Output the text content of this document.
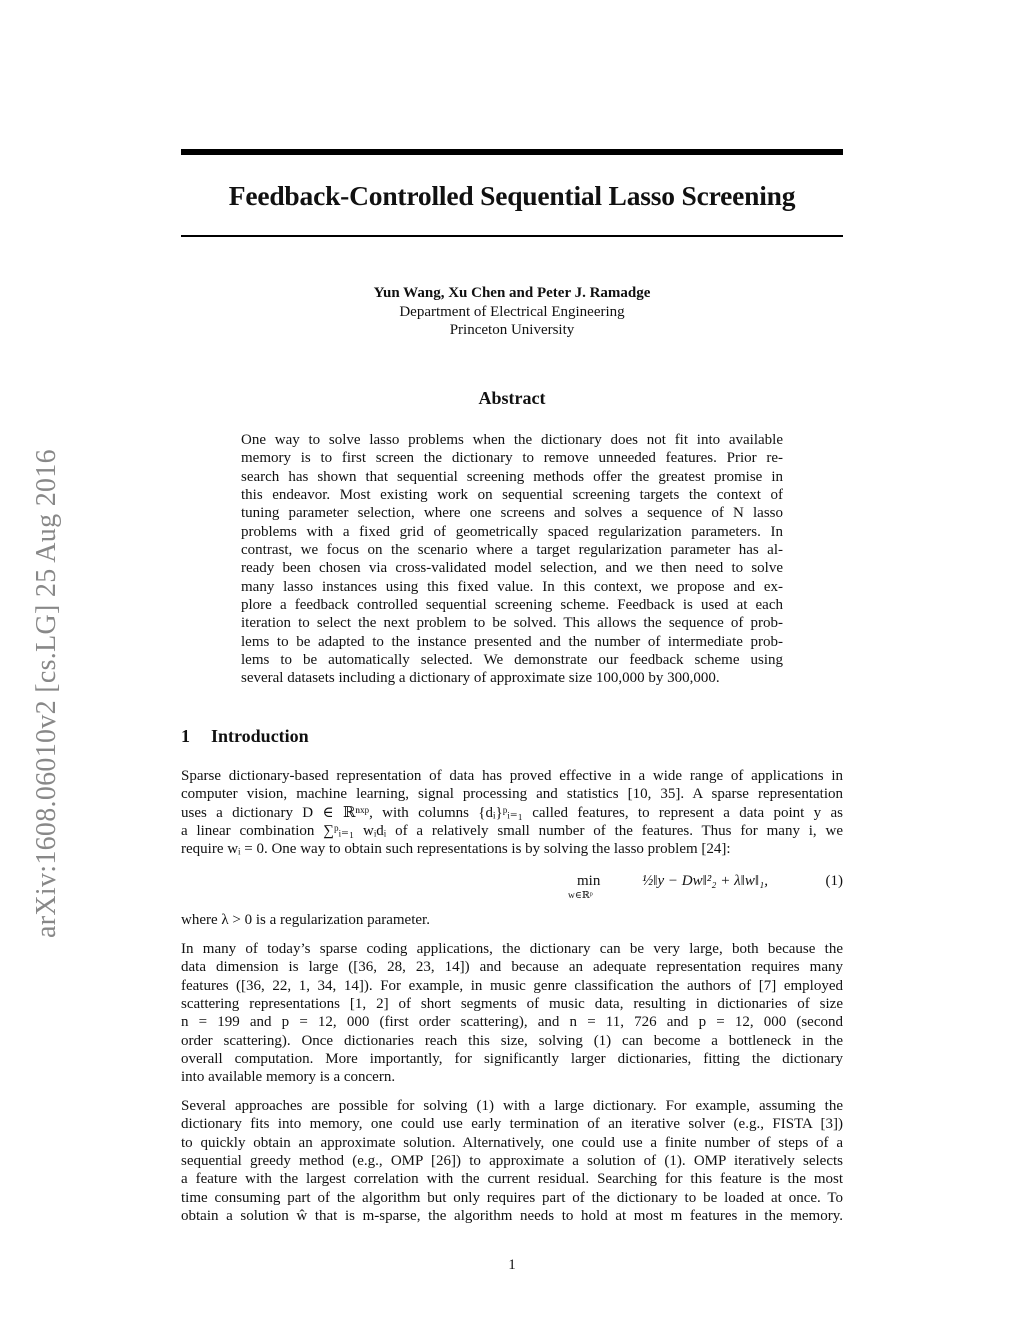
arXiv:1608.06010v2 [cs.LG] 25 Aug 2016
Feedback-Controlled Sequential Lasso Screening
Yun Wang, Xu Chen and Peter J. Ramadge
Department of Electrical Engineering
Princeton University
Abstract
One way to solve lasso problems when the dictionary does not fit into available
memory is to first screen the dictionary to remove unneeded features. Prior re-
search has shown that sequential screening methods offer the greatest promise in
this endeavor. Most existing work on sequential screening targets the context of
tuning parameter selection, where one screens and solves a sequence of N lasso
problems with a fixed grid of geometrically spaced regularization parameters. In
contrast, we focus on the scenario where a target regularization parameter has al-
ready been chosen via cross-validated model selection, and we then need to solve
many lasso instances using this fixed value. In this context, we propose and ex-
plore a feedback controlled sequential screening scheme. Feedback is used at each
iteration to select the next problem to be solved. This allows the sequence of prob-
lems to be adapted to the instance presented and the number of intermediate prob-
lems to be automatically selected. We demonstrate our feedback scheme using
several datasets including a dictionary of approximate size 100,000 by 300,000.
1 Introduction
Sparse dictionary-based representation of data has proved effective in a wide range of applications in
computer vision, machine learning, signal processing and statistics [10, 35]. A sparse representation
uses a dictionary D ∈ ℝⁿˣᵖ, with columns {dᵢ}ᵖᵢ₌₁ called features, to represent a data point y as
a linear combination ∑ᵖᵢ₌₁ wᵢdᵢ of a relatively small number of the features. Thus for many i, we
require wᵢ = 0. One way to obtain such representations is by solving the lasso problem [24]:
min
w∈ℝᵖ
½‖y − Dw‖²₂ + λ‖w‖₁,	(1)
where λ > 0 is a regularization parameter.
In many of today’s sparse coding applications, the dictionary can be very large, both because the
data dimension is large ([36, 28, 23, 14]) and because an adequate representation requires many
features ([36, 22, 1, 34, 14]). For example, in music genre classification the authors of [7] employed
scattering representations [1, 2] of short segments of music data, resulting in dictionaries of size
n = 199 and p = 12, 000 (first order scattering), and n = 11, 726 and p = 12, 000 (second
order scattering). Once dictionaries reach this size, solving (1) can become a bottleneck in the
overall computation. More importantly, for significantly larger dictionaries, fitting the dictionary
into available memory is a concern.
Several approaches are possible for solving (1) with a large dictionary. For example, assuming the
dictionary fits into memory, one could use early termination of an iterative solver (e.g., FISTA [3])
to quickly obtain an approximate solution. Alternatively, one could use a finite number of steps of a
sequential greedy method (e.g., OMP [26]) to approximate a solution of (1). OMP iteratively selects
a feature with the largest correlation with the current residual. Searching for this feature is the most
time consuming part of the algorithm but only requires part of the dictionary to be loaded at once. To
obtain a solution ŵ that is m-sparse, the algorithm needs to hold at most m features in the memory.
1
